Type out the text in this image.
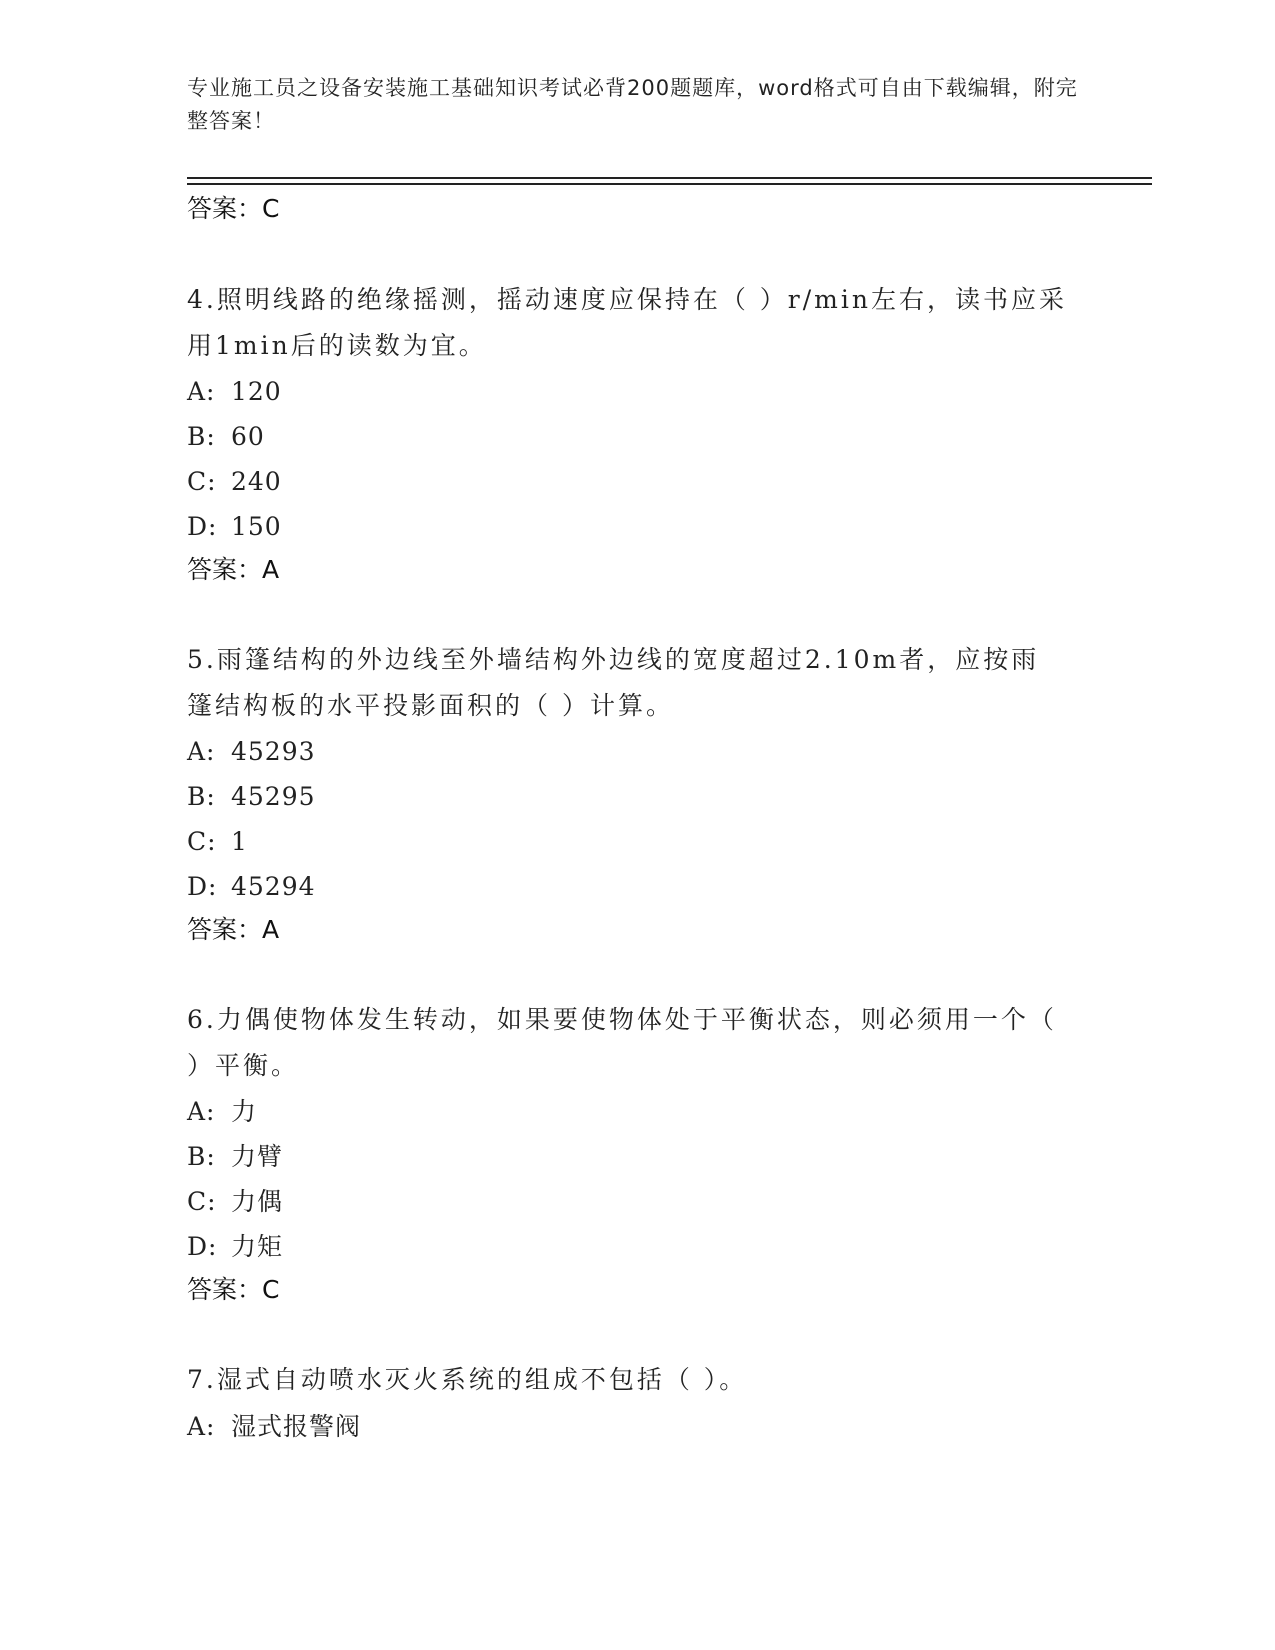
专业施工员之设备安装施工基础知识考试必背200题题库，word格式可自由下载编辑，附完整答案！
答案：C
4.照明线路的绝缘摇测，摇动速度应保持在（ ）r/min左右，读书应采用1min后的读数为宜。
A: 120
B: 60
C: 240
D: 150
答案：A
5.雨篷结构的外边线至外墙结构外边线的宽度超过2.10m者，应按雨篷结构板的水平投影面积的（ ）计算。
A: 45293
B: 45295
C: 1
D: 45294
答案：A
6.力偶使物体发生转动，如果要使物体处于平衡状态，则必须用一个（ ）平衡。
A: 力
B: 力臂
C: 力偶
D: 力矩
答案：C
7.湿式自动喷水灭火系统的组成不包括（ ）。
A: 湿式报警阀
